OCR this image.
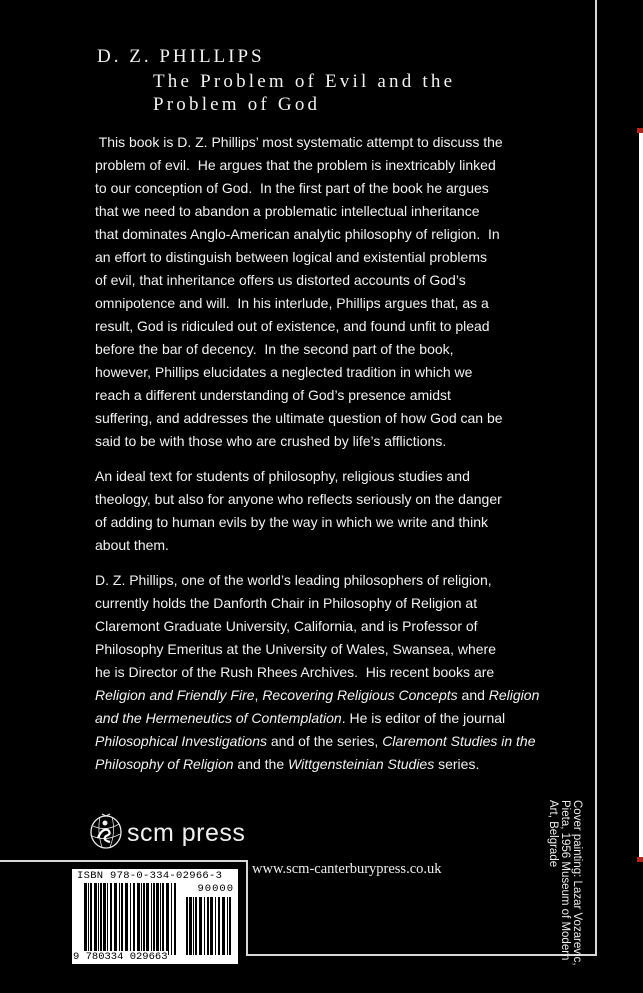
D. Z. PHILLIPS
The Problem of Evil and the
Problem of God
This book is D. Z. Phillips’ most systematic attempt to discuss the
problem of evil.  He argues that the problem is inextricably linked
to our conception of God.  In the first part of the book he argues
that we need to abandon a problematic intellectual inheritance
that dominates Anglo-American analytic philosophy of religion.  In
an effort to distinguish between logical and existential problems
of evil, that inheritance offers us distorted accounts of God’s
omnipotence and will.  In his interlude, Phillips argues that, as a
result, God is ridiculed out of existence, and found unfit to plead
before the bar of decency.  In the second part of the book,
however, Phillips elucidates a neglected tradition in which we
reach a different understanding of God’s presence amidst
suffering, and addresses the ultimate question of how God can be
said to be with those who are crushed by life’s afflictions.
An ideal text for students of philosophy, religious studies and
theology, but also for anyone who reflects seriously on the danger
of adding to human evils by the way in which we write and think
about them.
D. Z. Phillips, one of the world’s leading philosophers of religion,
currently holds the Danforth Chair in Philosophy of Religion at
Claremont Graduate University, California, and is Professor of
Philosophy Emeritus at the University of Wales, Swansea, where
he is Director of the Rush Rhees Archives.  His recent books are
Religion and Friendly Fire, Recovering Religious Concepts and Religion
and the Hermeneutics of Contemplation. He is editor of the journal
Philosophical Investigations and of the series, Claremont Studies in the
Philosophy of Religion and the Wittgensteinian Studies series.
scm press
ISBN 978-0-334-02966-3
90000
9 780334 029663
www.scm-canterburypress.co.uk	Cover painting: Lazar Vozarevic,
Pieta, 1956 Museum of Modern
Art, Belgrade
